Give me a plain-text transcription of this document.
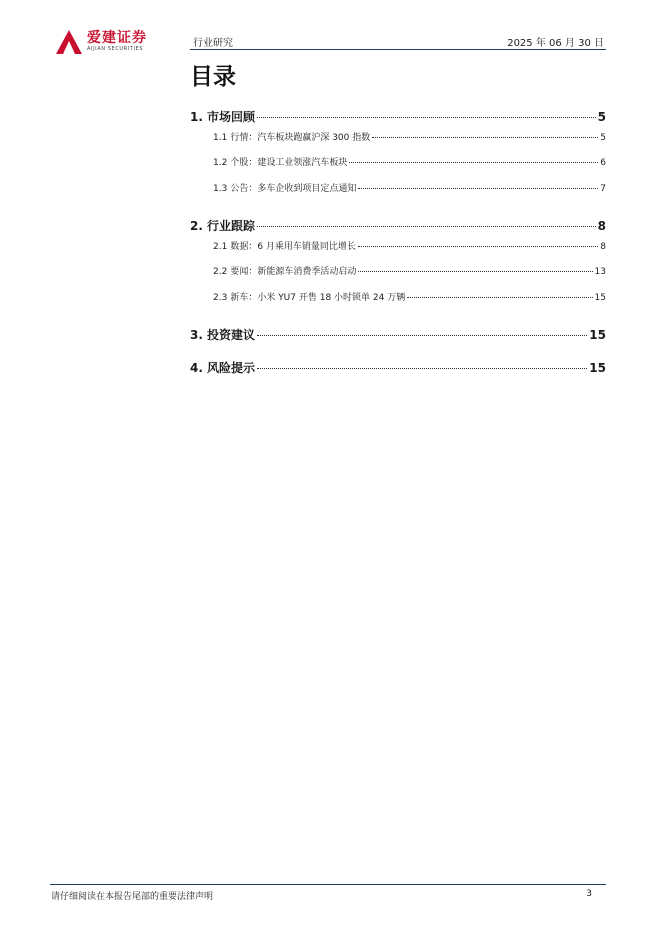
爱建证券
AIJIAN SECURITIES	行业研究	2025 年 06 月 30 日
目录
1. 市场回顾	5
1.1 行情：汽车板块跑赢沪深 300 指数	5
1.2 个股：建设工业领涨汽车板块	6
1.3 公告：多车企收到项目定点通知	7
2. 行业跟踪	8
2.1 数据：6 月乘用车销量同比增长	8
2.2 要闻：新能源车消费季活动启动	13
2.3 新车：小米 YU7 开售 18 小时锁单 24 万辆	15
3. 投资建议	15
4. 风险提示	15
请仔细阅读在本报告尾部的重要法律声明	3
